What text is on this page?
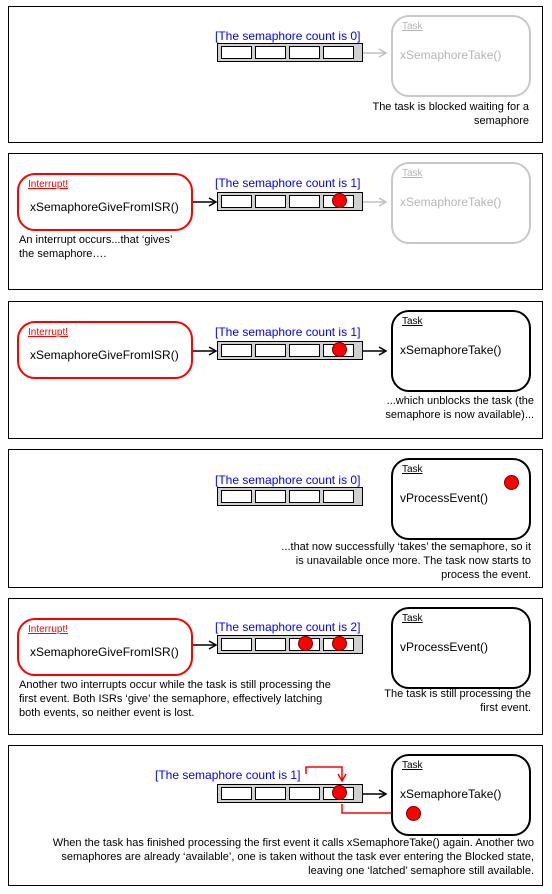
[The semaphore count is 0]
Task
xSemaphoreTake()
The task is blocked waiting for a semaphore
Interrupt!
xSemaphoreGiveFromISR()
[The semaphore count is 1]
Task
xSemaphoreTake()
An interrupt occurs...that ‘gives’ the semaphore….
Interrupt!
xSemaphoreGiveFromISR()
[The semaphore count is 1]
Task
xSemaphoreTake()
...which unblocks the task (the semaphore is now available)...
[The semaphore count is 0]
Task
vProcessEvent()
...that now successfully ‘takes’ the semaphore, so it is unavailable once more. The task now starts to process the event.
Interrupt!
xSemaphoreGiveFromISR()
[The semaphore count is 2]
Task
vProcessEvent()
Another two interrupts occur while the task is still processing the first event. Both ISRs ‘give’ the semaphore, effectively latching both events, so neither event is lost.
The task is still processing the first event.
[The semaphore count is 1]
Task
xSemaphoreTake()
When the task has finished processing the first event it calls xSemaphoreTake() again. Another two semaphores are already ‘available’, one is taken without the task ever entering the Blocked state, leaving one ‘latched’ semaphore still available.
